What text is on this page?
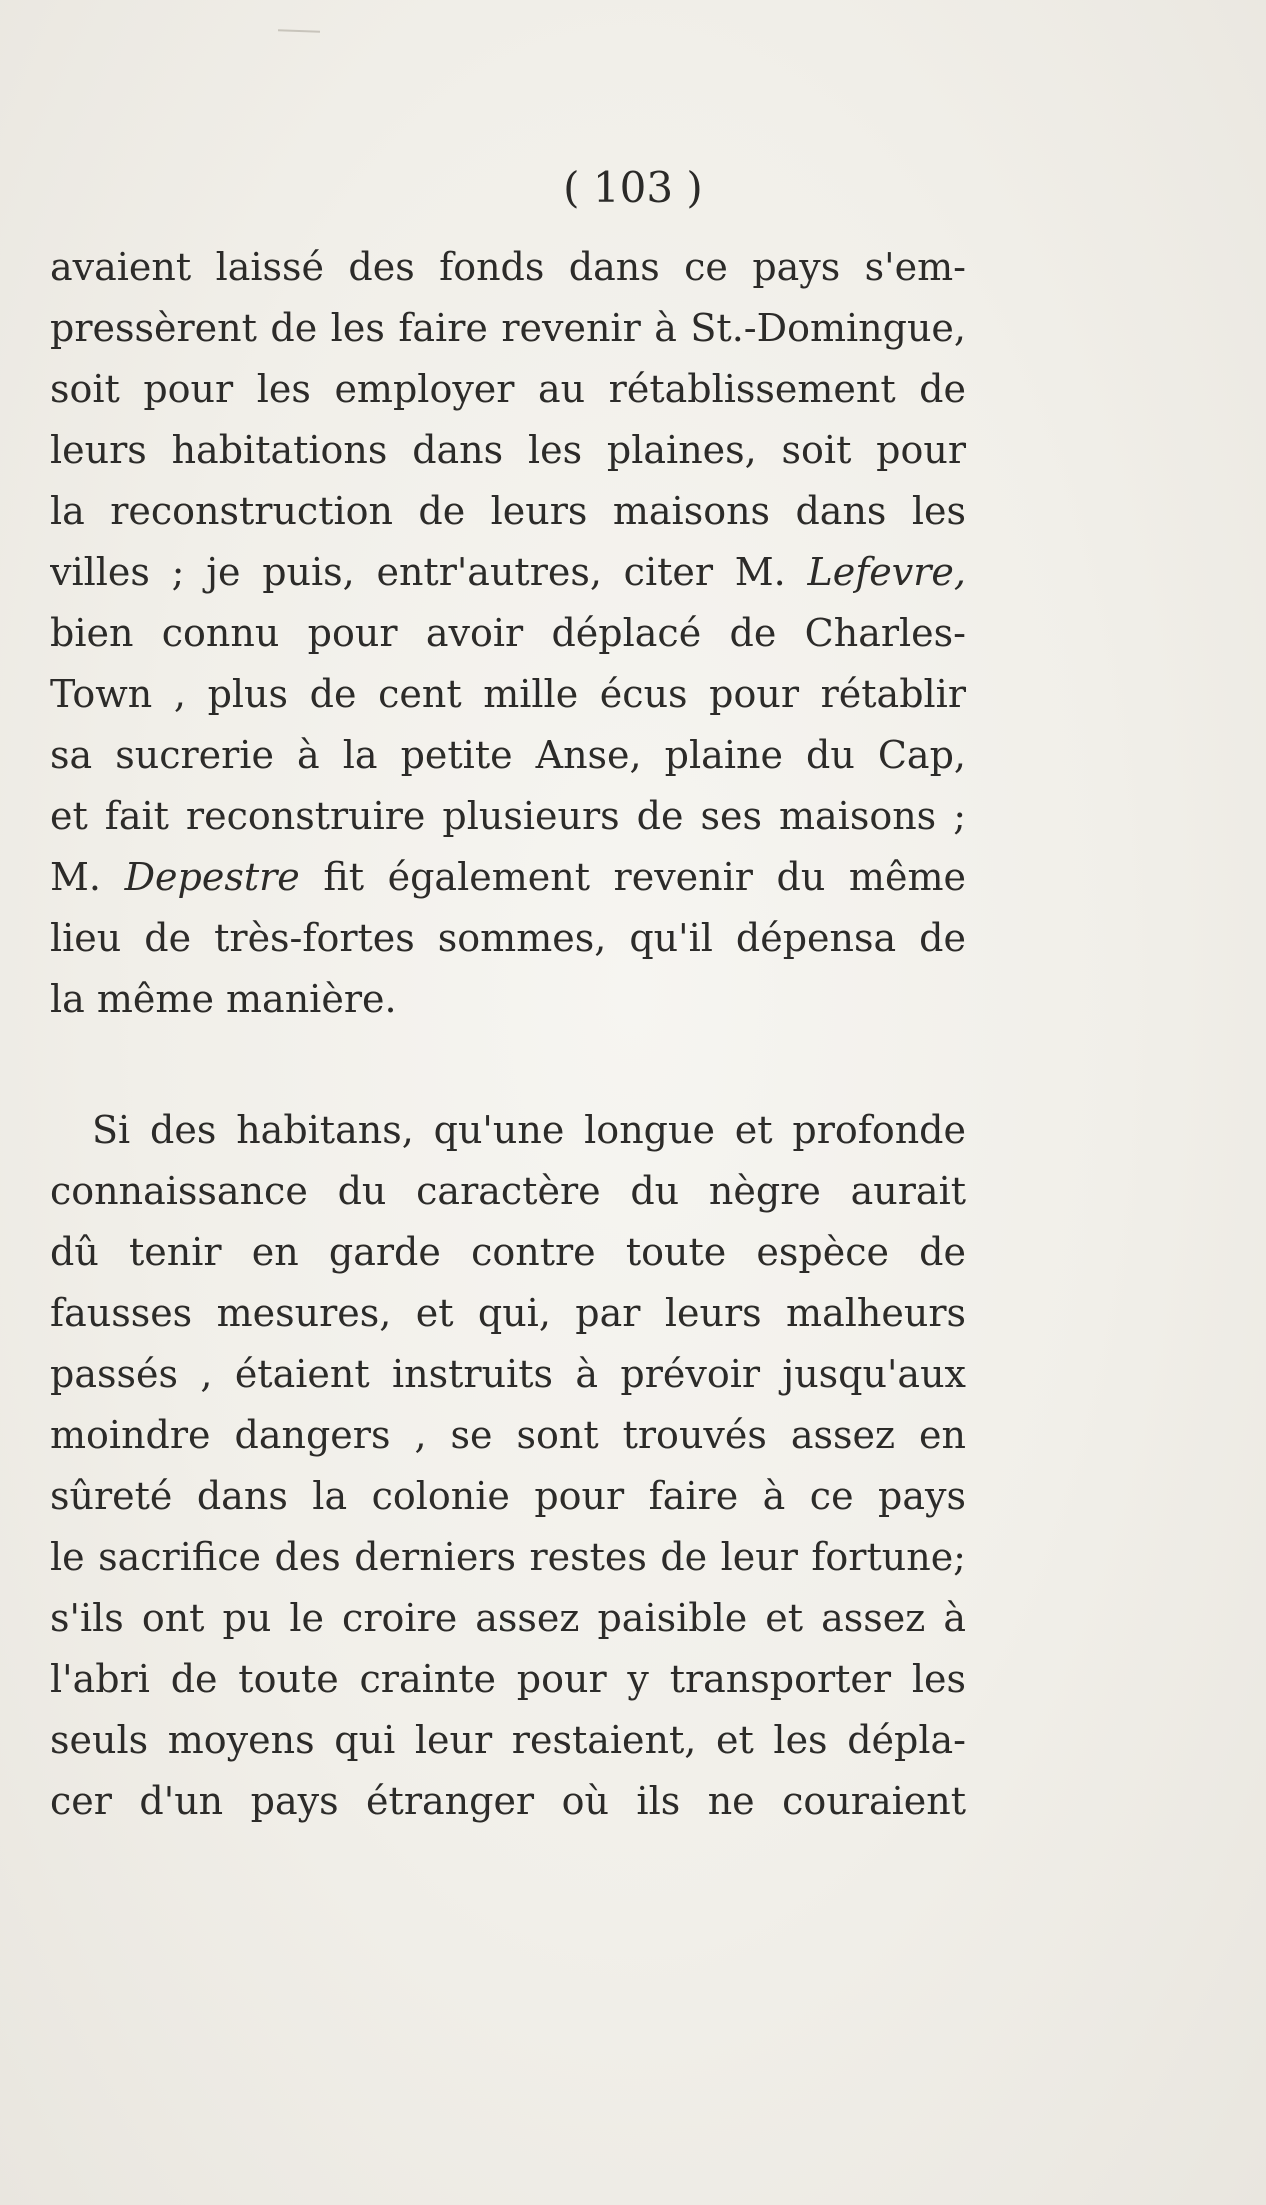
( 103 )
avaient laissé des fonds dans ce pays s'em-
pressèrent de les faire revenir à St.-Domingue,
soit pour les employer au rétablissement de
leurs habitations dans les plaines, soit pour
la reconstruction de leurs maisons dans les
villes ; je puis, entr'autres, citer M. Lefevre,
bien connu pour avoir déplacé de Charles-
Town , plus de cent mille écus pour rétablir
sa sucrerie à la petite Anse, plaine du Cap,
et fait reconstruire plusieurs de ses maisons ;
M. Depestre fit également revenir du même
lieu de très-fortes sommes, qu'il dépensa de
la même manière.
Si des habitans, qu'une longue et profonde
connaissance du caractère du nègre aurait
dû tenir en garde contre toute espèce de
fausses mesures, et qui, par leurs malheurs
passés , étaient instruits à prévoir jusqu'aux
moindre dangers , se sont trouvés assez en
sûreté dans la colonie pour faire à ce pays
le sacrifice des derniers restes de leur fortune;
s'ils ont pu le croire assez paisible et assez à
l'abri de toute crainte pour y transporter les
seuls moyens qui leur restaient, et les dépla-
cer d'un pays étranger où ils ne couraient
